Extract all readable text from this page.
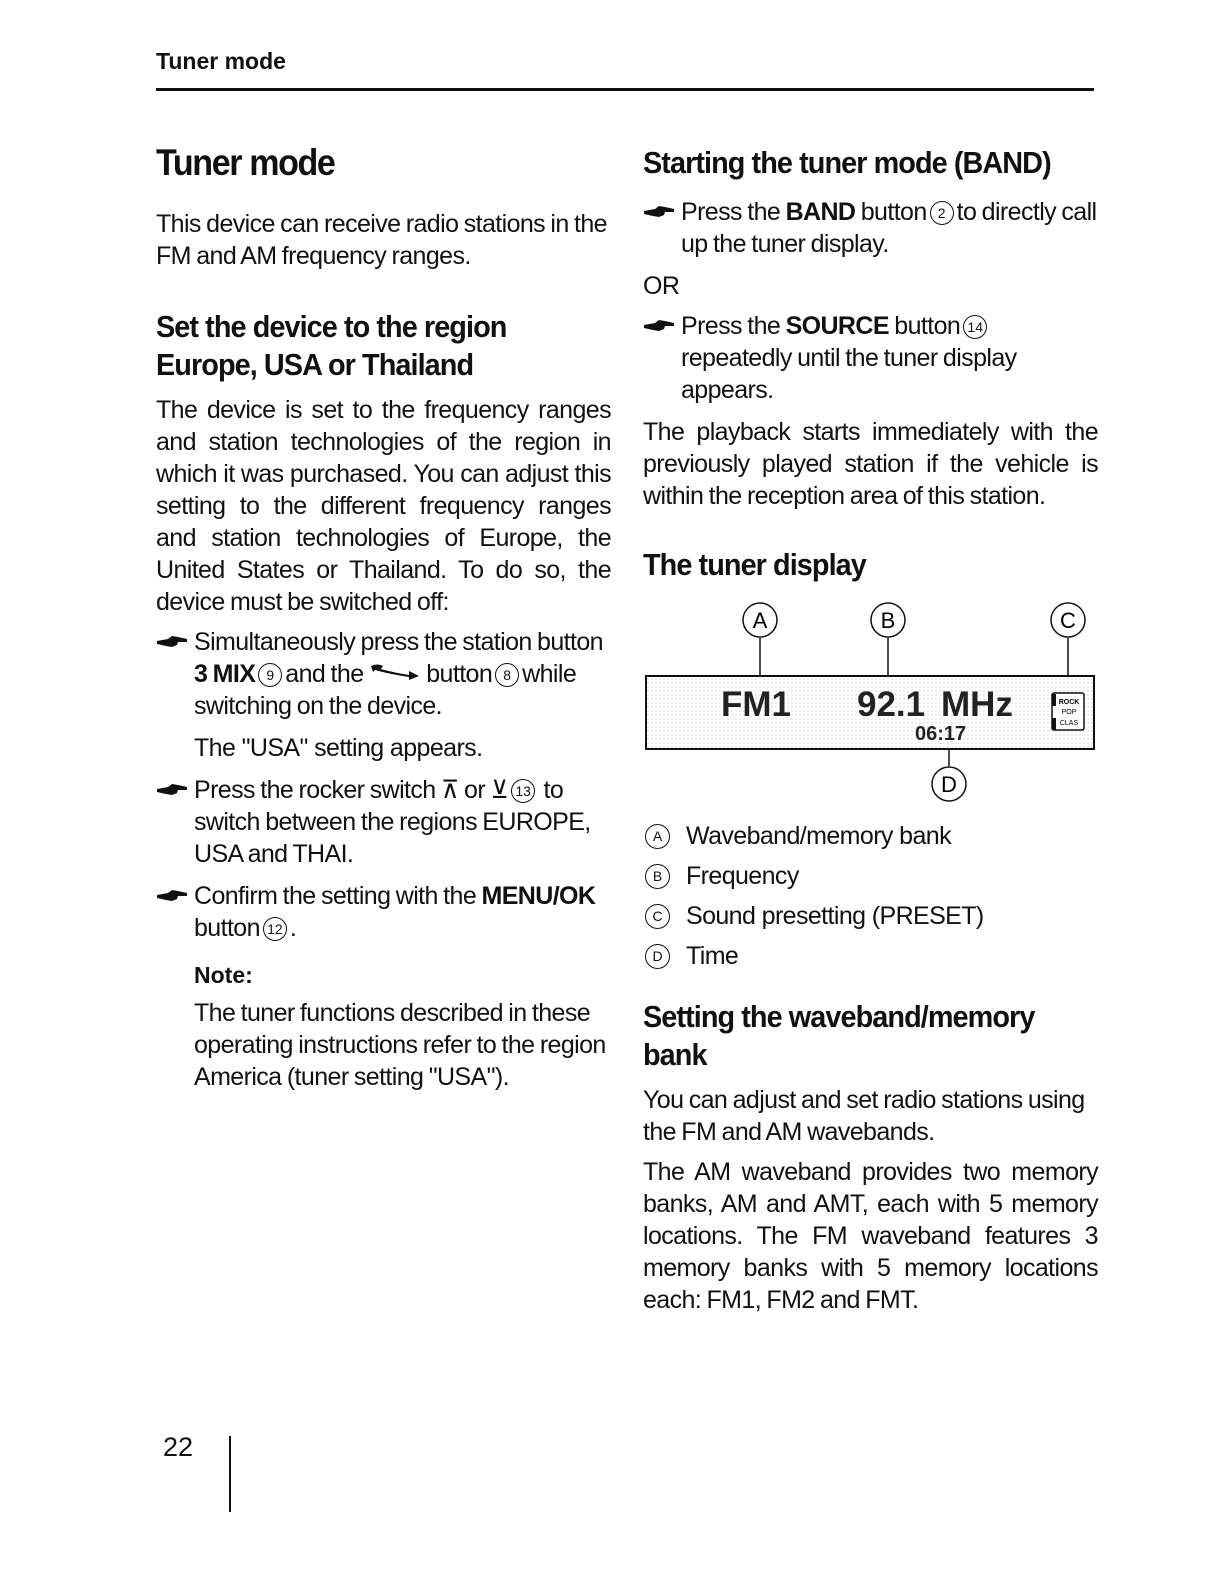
Tuner mode
Tuner mode

This device can receive radio stations in the FM and AM frequency ranges.

Set the device to the region
Europe, USA or Thailand

The device is set to the frequency ranges and station technologies of the region in which it was purchased. You can adjust this setting to the different frequency ranges and station technologies of Europe, the United States or Thailand. To do so, the device must be switched off:

Simultaneously press the station button 3 MIX 9 and the	button 8 while switching on the device.
The "USA" setting appears.
Press the rocker switch ⊼ or ⊻ 13 to switch between the regions EUROPE, USA and THAI.
Confirm the setting with the MENU/OK button 12 .
Note:
The tuner functions described in these operating instructions refer to the region America (tuner setting "USA").
Starting the tuner mode (BAND)
Press the BAND button 2 to directly call up the tuner display.
OR
Press the SOURCE button 14repeatedly until the tuner display appears.

The playback starts immediately with the previously played station if the vehicle is within the reception area of this station.

The tuner display
A	B	C
D
FM1 92.1 MHz
06:17
ROCK
POP
CLAS
A Waveband/memory bank
B Frequency
C Sound presetting (PRESET)
D Time
Setting the waveband/memory
bank

You can adjust and set radio stations using the FM and AM wavebands.

The AM waveband provides two memory banks, AM and AMT, each with 5 memory locations. The FM waveband features 3 memory banks with 5 memory locations each: FM1, FM2 and FMT.

22
